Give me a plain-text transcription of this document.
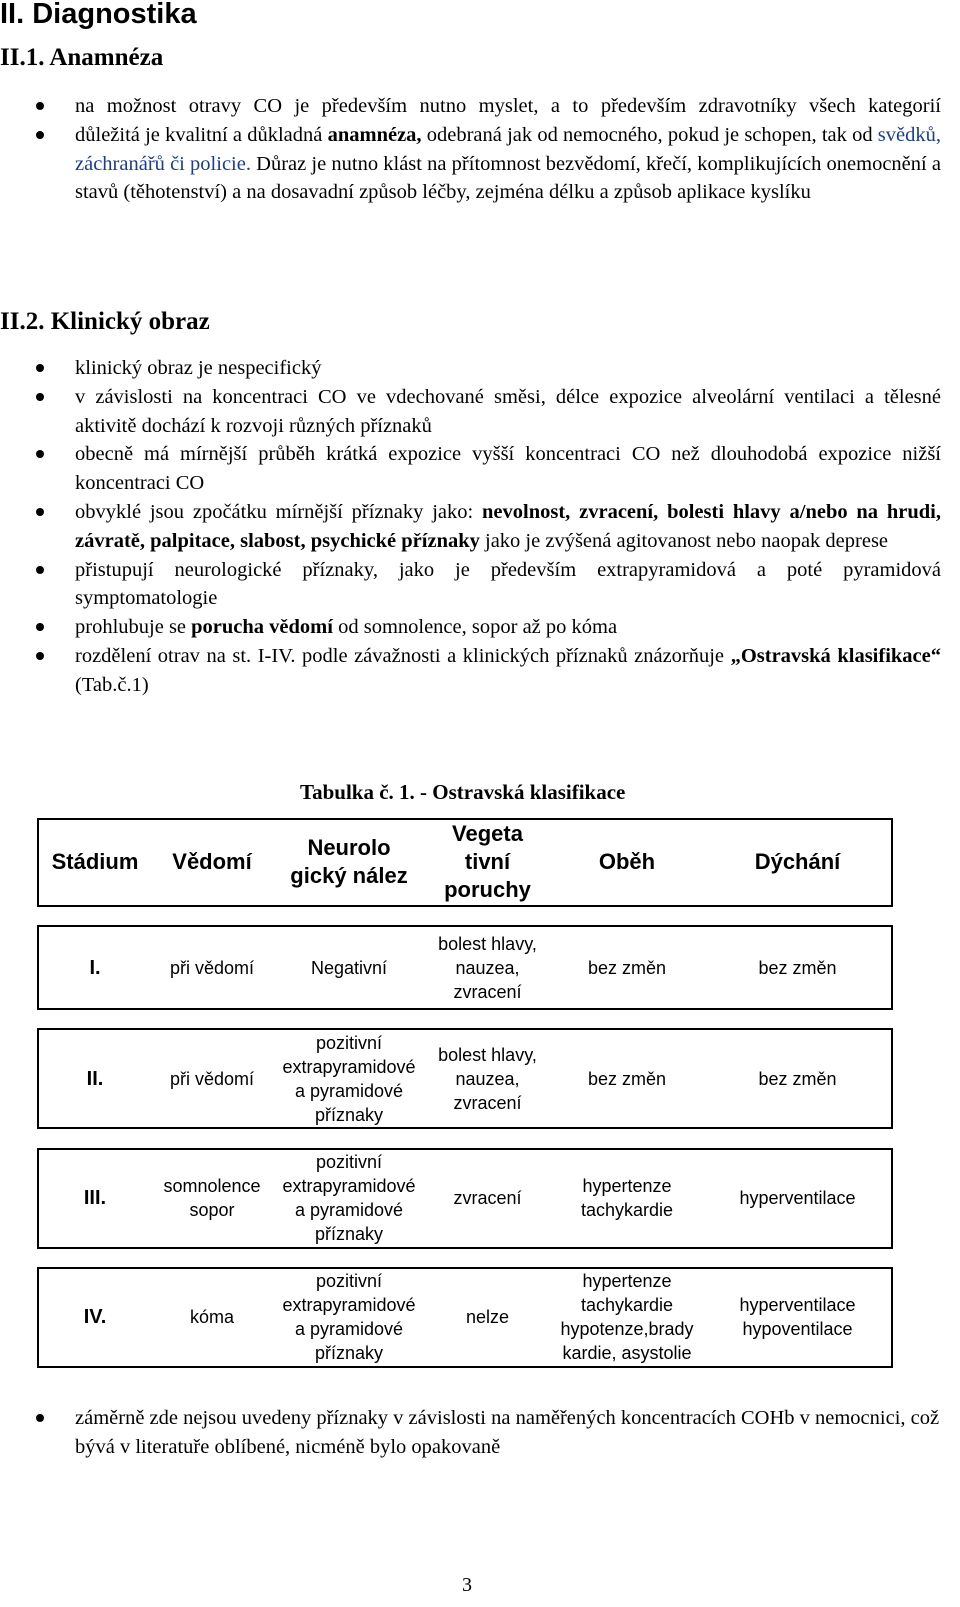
II. Diagnostika
II.1. Anamnéza
na možnost otravy CO je především nutno myslet, a to především zdravotníky všech kategorií
důležitá je kvalitní a důkladná anamnéza, odebraná jak od nemocného, pokud je schopen, tak od svědků, záchranářů či policie. Důraz je nutno klást na přítomnost bezvědomí, křečí, komplikujících onemocnění a stavů (těhotenství) a na dosavadní způsob léčby, zejména délku a způsob aplikace kyslíku
II.2. Klinický obraz
klinický obraz je nespecifický
v závislosti na koncentraci CO ve vdechované směsi, délce expozice alveolární ventilaci a tělesné aktivitě dochází k rozvoji různých příznaků
obecně má mírnější průběh krátká expozice vyšší koncentraci CO než dlouhodobá expozice nižší koncentraci CO
obvyklé jsou zpočátku mírnější příznaky jako: nevolnost, zvracení, bolesti hlavy a/nebo na hrudi, závratě, palpitace, slabost, psychické příznaky jako je zvýšená agitovanost nebo naopak deprese
přistupují neurologické příznaky, jako je především extrapyramidová a poté pyramidová symptomatologie
prohlubuje se porucha vědomí od somnolence, sopor až po kóma
rozdělení otrav na st. I-IV. podle závažnosti a klinických příznaků znázorňuje „Ostravská klasifikace“ (Tab.č.1)
Tabulka č. 1. - Ostravská klasifikace
Stádium	Vědomí	Neurolo
gický nález	Vegeta
tivní
poruchy	Oběh	Dýchání

I.	při vědomí	Negativní	bolest hlavy,
nauzea,
zvracení	bez změn	bez změn

II.	při vědomí	pozitivní
extrapyramidové
a pyramidové
příznaky	bolest hlavy,
nauzea,
zvracení	bez změn	bez změn

III.	somnolence
sopor	pozitivní
extrapyramidové
a pyramidové
příznaky	zvracení	hypertenze
tachykardie	hyperventilace

IV.	kóma	pozitivní
extrapyramidové
a pyramidové
příznaky	nelze	hypertenze
tachykardie
hypotenze,brady
kardie, asystolie	hyperventilace
hypoventilace
záměrně zde nejsou uvedeny příznaky v závislosti na naměřených koncentracích COHb v nemocnici, což bývá v literatuře oblíbené, nicméně bylo opakovaně
3
